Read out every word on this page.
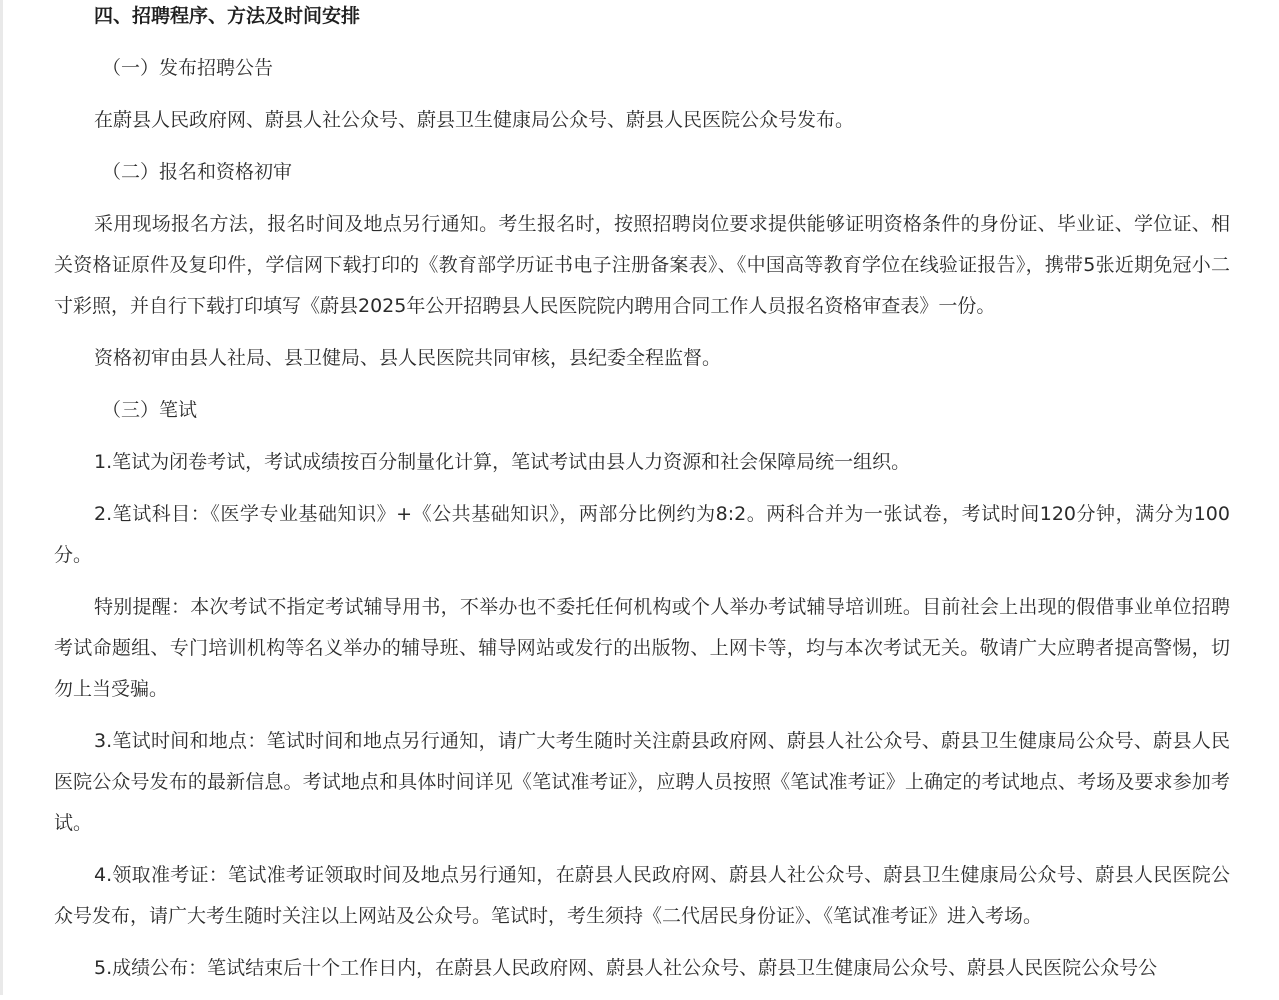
四、招聘程序、方法及时间安排

（一）发布招聘公告

在蔚县人民政府网、蔚县人社公众号、蔚县卫生健康局公众号、蔚县人民医院公众号发布。

（二）报名和资格初审

采用现场报名方法，报名时间及地点另行通知。考生报名时，按照招聘岗位要求提供能够证明资格条件的身份证、毕业证、学位证、相关资格证原件及复印件，学信网下载打印的《教育部学历证书电子注册备案表》、《中国高等教育学位在线验证报告》，携带5张近期免冠小二寸彩照，并自行下载打印填写《蔚县2025年公开招聘县人民医院院内聘用合同工作人员报名资格审查表》一份。

资格初审由县人社局、县卫健局、县人民医院共同审核，县纪委全程监督。

（三）笔试

1.笔试为闭卷考试，考试成绩按百分制量化计算，笔试考试由县人力资源和社会保障局统一组织。

2.笔试科目：《医学专业基础知识》+《公共基础知识》，两部分比例约为8:2。两科合并为一张试卷，考试时间120分钟，满分为100分。

特别提醒：本次考试不指定考试辅导用书，不举办也不委托任何机构或个人举办考试辅导培训班。目前社会上出现的假借事业单位招聘考试命题组、专门培训机构等名义举办的辅导班、辅导网站或发行的出版物、上网卡等，均与本次考试无关。敬请广大应聘者提高警惕，切勿上当受骗。

3.笔试时间和地点：笔试时间和地点另行通知，请广大考生随时关注蔚县政府网、蔚县人社公众号、蔚县卫生健康局公众号、蔚县人民医院公众号发布的最新信息。考试地点和具体时间详见《笔试准考证》，应聘人员按照《笔试准考证》上确定的考试地点、考场及要求参加考试。

4.领取准考证：笔试准考证领取时间及地点另行通知，在蔚县人民政府网、蔚县人社公众号、蔚县卫生健康局公众号、蔚县人民医院公众号发布，请广大考生随时关注以上网站及公众号。笔试时，考生须持《二代居民身份证》、《笔试准考证》进入考场。

5.成绩公布：笔试结束后十个工作日内，在蔚县人民政府网、蔚县人社公众号、蔚县卫生健康局公众号、蔚县人民医院公众号公
